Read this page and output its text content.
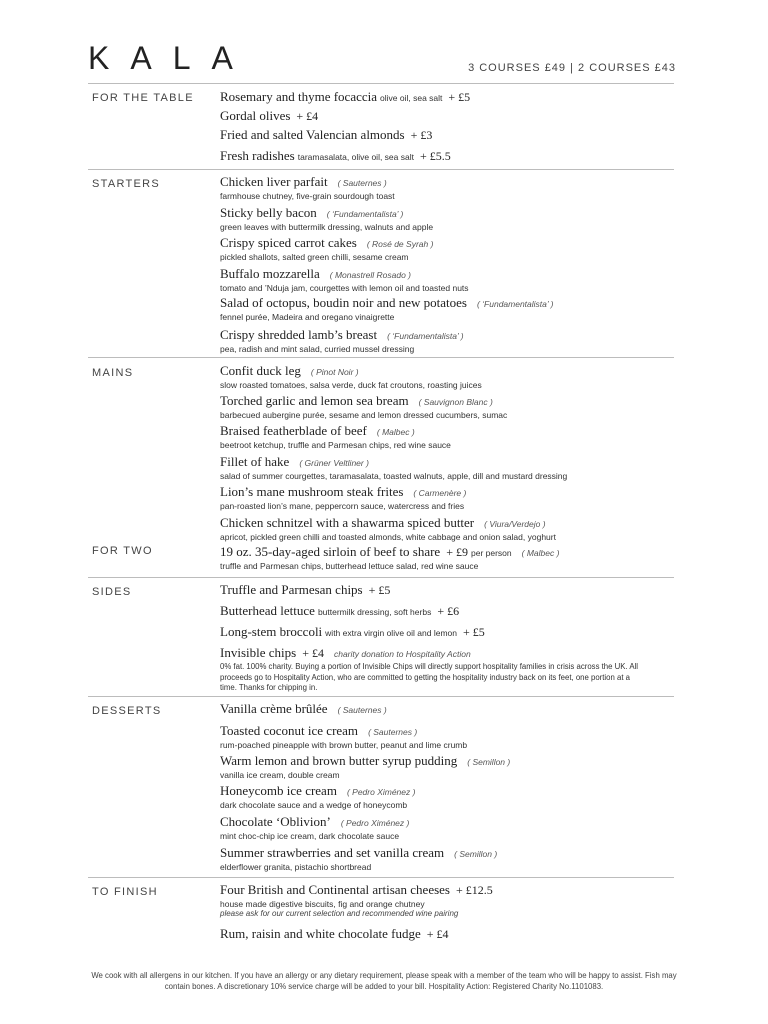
KALA	3 COURSES £49 | 2 COURSES £43
FOR THE TABLE Rosemary and thyme focaccia olive oil, sea salt + £5
Gordal olives + £4
Fried and salted Valencian almonds + £3
Fresh radishes taramasalata, olive oil, sea salt + £5.5
STARTERS	Chicken liver parfait ( Sauternes )
farmhouse chutney, five-grain sourdough toast
Sticky belly bacon ( ‘Fundamentalista’ )
green leaves with buttermilk dressing, walnuts and apple
Crispy spiced carrot cakes ( Rosé de Syrah )
pickled shallots, salted green chilli, sesame cream
Buffalo mozzarella ( Monastrell Rosado )
tomato and ’Nduja jam, courgettes with lemon oil and toasted nuts
Salad of octopus, boudin noir and new potatoes ( ‘Fundamentalista’ )
fennel purée, Madeira and oregano vinaigrette
Crispy shredded lamb’s breast ( ‘Fundamentalista’ )
pea, radish and mint salad, curried mussel dressing
MAINS	Confit duck leg ( Pinot Noir )
slow roasted tomatoes, salsa verde, duck fat croutons, roasting juices
Torched garlic and lemon sea bream ( Sauvignon Blanc )
barbecued aubergine purée, sesame and lemon dressed cucumbers, sumac
Braised featherblade of beef ( Malbec )
beetroot ketchup, truffle and Parmesan chips, red wine sauce
Fillet of hake ( Grüner Veltliner )
salad of summer courgettes, taramasalata, toasted walnuts, apple, dill and mustard dressing
Lion’s mane mushroom steak frites ( Carmenère )
pan-roasted lion’s mane, peppercorn sauce, watercress and fries
Chicken schnitzel with a shawarma spiced butter ( Viura/Verdejo )
apricot, pickled green chilli and toasted almonds, white cabbage and onion salad, yoghurt
FOR TWO	19 oz. 35-day-aged sirloin of beef to share + £9 per person ( Malbec )
truffle and Parmesan chips, butterhead lettuce salad, red wine sauce
SIDES	Truffle and Parmesan chips + £5
Butterhead lettuce buttermilk dressing, soft herbs + £6
Long-stem broccoli with extra virgin olive oil and lemon + £5
Invisible chips + £4 charity donation to Hospitality Action
0% fat. 100% charity. Buying a portion of Invisible Chips will directly support hospitality families in crisis across the UK. All proceeds go to Hospitality Action, who are committed to getting the hospitality industry back on its feet, one portion at a time. Thanks for chipping in.
DESSERTS	Vanilla crème brûlée ( Sauternes )
Toasted coconut ice cream ( Sauternes )
rum-poached pineapple with brown butter, peanut and lime crumb
Warm lemon and brown butter syrup pudding ( Semillon )
vanilla ice cream, double cream
Honeycomb ice cream ( Pedro Ximénez )
dark chocolate sauce and a wedge of honeycomb
Chocolate ‘Oblivion’ ( Pedro Ximénez )
mint choc-chip ice cream, dark chocolate sauce
Summer strawberries and set vanilla cream ( Semillon )
elderflower granita, pistachio shortbread
TO FINISH	Four British and Continental artisan cheeses + £12.5
house made digestive biscuits, fig and orange chutney
please ask for our current selection and recommended wine pairing
Rum, raisin and white chocolate fudge + £4
We cook with all allergens in our kitchen. If you have an allergy or any dietary requirement, please speak with a member of the team who will be happy to assist. Fish may contain bones. A discretionary 10% service charge will be added to your bill. Hospitality Action: Registered Charity No.1101083.
